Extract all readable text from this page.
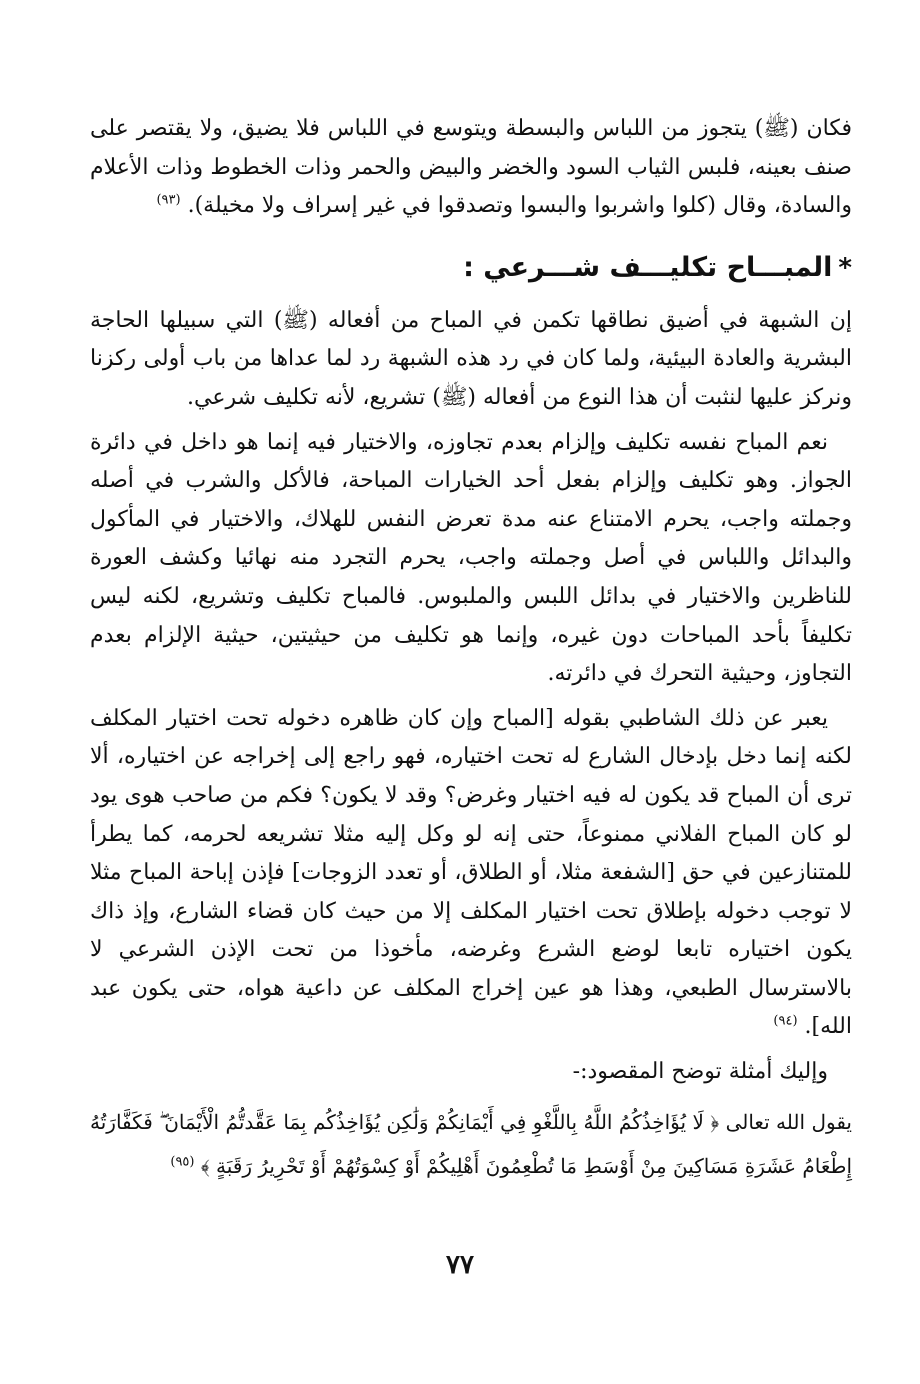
فكان (ﷺ) يتجوز من اللباس والبسطة ويتوسع في اللباس فلا يضيق، ولا يقتصر على صنف بعينه، فلبس الثياب السود والخضر والبيض والحمر وذات الخطوط وذات الأعلام والسادة، وقال (كلوا واشربوا والبسوا وتصدقوا في غير إسراف ولا مخيلة). $^{(٩٣)}$

*المبـــاح تكليـــف شـــرعي :

إن الشبهة في أضيق نطاقها تكمن في المباح من أفعاله (ﷺ) التي سبيلها الحاجة البشرية والعادة البيئية، ولما كان في رد هذه الشبهة رد لما عداها من باب أولى ركزنا ونركز عليها لنثبت أن هذا النوع من أفعاله (ﷺ) تشريع، لأنه تكليف شرعي.

نعم المباح نفسه تكليف وإلزام بعدم تجاوزه، والاختيار فيه إنما هو داخل في دائرة الجواز. وهو تكليف وإلزام بفعل أحد الخيارات المباحة، فالأكل والشرب في أصله وجملته واجب، يحرم الامتناع عنه مدة تعرض النفس للهلاك، والاختيار في المأكول والبدائل واللباس في أصل وجملته واجب، يحرم التجرد منه نهائيا وكشف العورة للناظرين والاختيار في بدائل اللبس والملبوس. فالمباح تكليف وتشريع، لكنه ليس تكليفاً بأحد المباحات دون غيره، وإنما هو تكليف من حيثيتين، حيثية الإلزام بعدم التجاوز، وحيثية التحرك في دائرته.

يعبر عن ذلك الشاطبي بقوله [المباح وإن كان ظاهره دخوله تحت اختيار المكلف لكنه إنما دخل بإدخال الشارع له تحت اختياره، فهو راجع إلى إخراجه عن اختياره، ألا ترى أن المباح قد يكون له فيه اختيار وغرض؟ وقد لا يكون؟ فكم من صاحب هوى يود لو كان المباح الفلاني ممنوعاً، حتى إنه لو وكل إليه مثلا تشريعه لحرمه، كما يطرأ للمتنازعين في حق [الشفعة مثلا، أو الطلاق، أو تعدد الزوجات] فإذن إباحة المباح مثلا لا توجب دخوله بإطلاق تحت اختيار المكلف إلا من حيث كان قضاء الشارع، وإذ ذاك يكون اختياره تابعا لوضع الشرع وغرضه، مأخوذا من تحت الإذن الشرعي لا بالاسترسال الطبعي، وهذا هو عين إخراج المكلف عن داعية هواه، حتى يكون عبد الله]. $^{(٩٤)}$

وإليك أمثلة توضح المقصود:-

يقول الله تعالى ﴿ لَا يُؤَاخِذُكُمُ اللَّهُ بِاللَّغْوِ فِي أَيْمَانِكُمْ وَلَٰكِن يُؤَاخِذُكُم بِمَا عَقَّدتُّمُ الْأَيْمَانَ ۖ فَكَفَّارَتُهُ إِطْعَامُ عَشَرَةِ مَسَاكِينَ مِنْ أَوْسَطِ مَا تُطْعِمُونَ أَهْلِيكُمْ أَوْ كِسْوَتُهُمْ أَوْ تَحْرِيرُ رَقَبَةٍ ﴾ $^{(٩٥)}$

٧٧
